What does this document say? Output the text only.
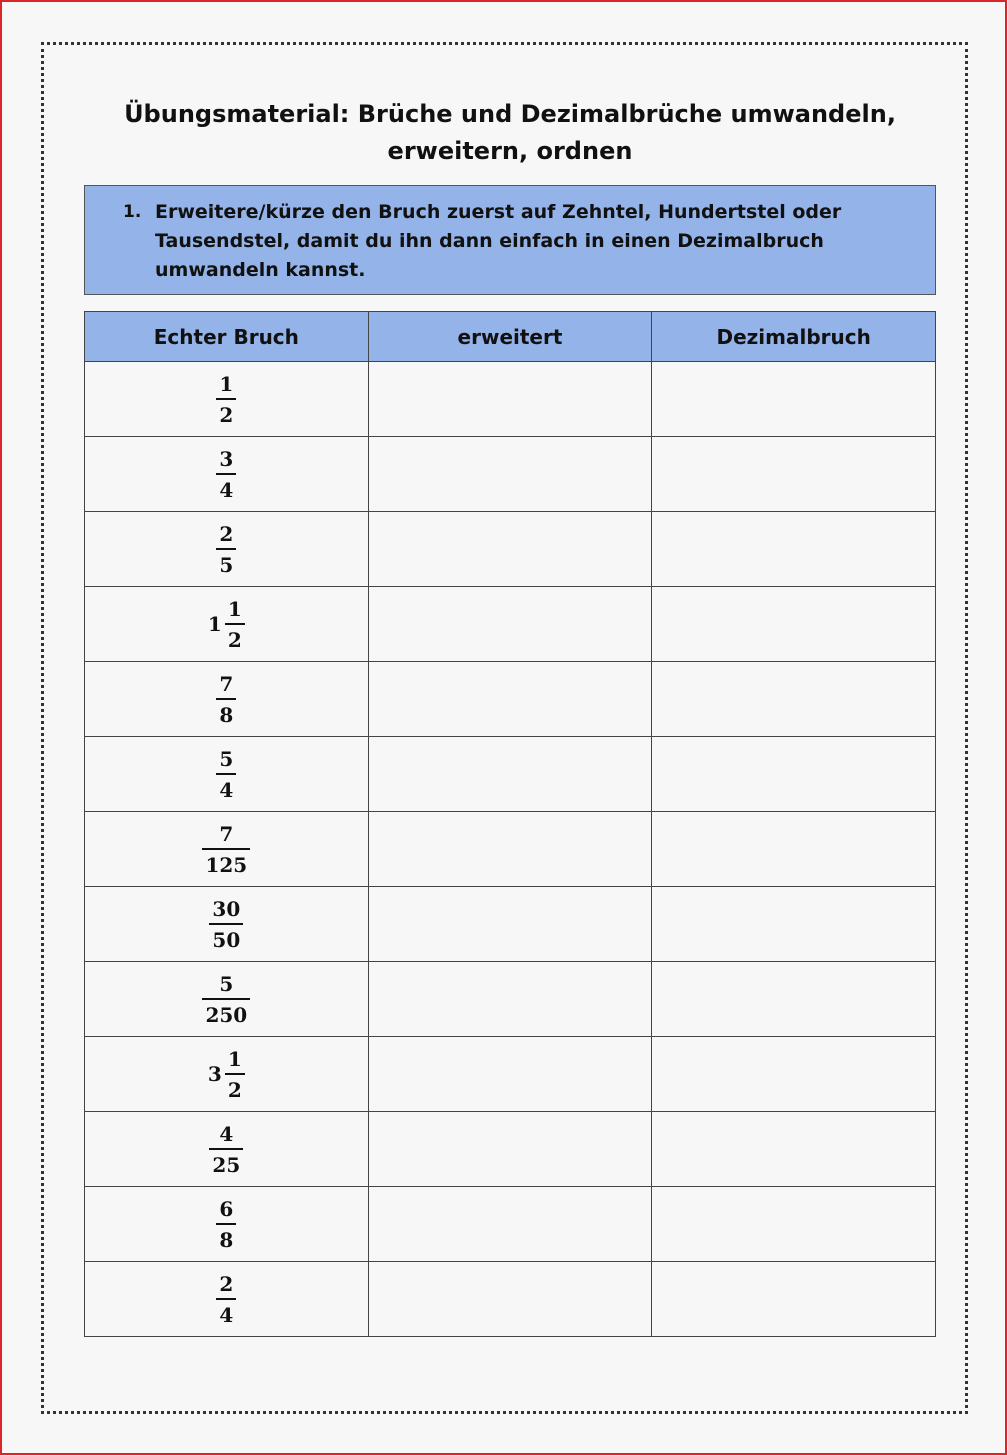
Übungsmaterial: Brüche und Dezimalbrüche umwandeln, erweitern, ordnen
1. Erweitere/kürze den Bruch zuerst auf Zehntel, Hundertstel oder Tausendstel, damit du ihn dann einfach in einen Dezimalbruch umwandeln kannst.
Echter Bruch	erweitert	Dezimalbruch

$\frac{1}{2}$

$\frac{3}{4}$

$\frac{2}{5}$

$1 \frac{1}{2}$

$\frac{7}{8}$

$\frac{5}{4}$

$\frac{7}{125}$

$\frac{30}{50}$

$\frac{5}{250}$

$3 \frac{1}{2}$

$\frac{4}{25}$

$\frac{6}{8}$

$\frac{2}{4}$
